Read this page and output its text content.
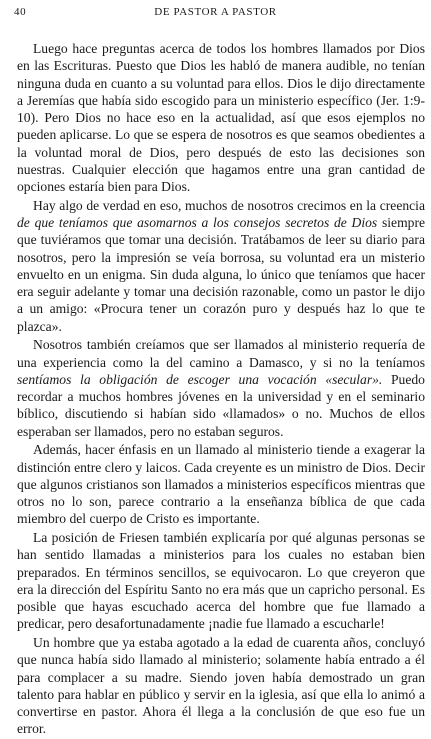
40	DE PASTOR A PASTOR

Luego hace preguntas acerca de todos los hombres llamados por Dios en las Escrituras. Puesto que Dios les habló de manera audible, no tenían ninguna duda en cuanto a su voluntad para ellos. Dios le dijo directamente a Jeremías que había sido escogido para un ministerio específico (Jer. 1:9-10). Pero Dios no hace eso en la actualidad, así que esos ejemplos no pueden aplicarse. Lo que se espera de nosotros es que seamos obedientes a la voluntad moral de Dios, pero después de esto las decisiones son nuestras. Cualquier elección que hagamos entre una gran cantidad de opciones estaría bien para Dios.

Hay algo de verdad en eso, muchos de nosotros crecimos en la creencia de que teníamos que asomarnos a los consejos secretos de Dios siempre que tuviéramos que tomar una decisión. Tratábamos de leer su diario para nosotros, pero la impresión se veía borrosa, su voluntad era un misterio envuelto en un enigma. Sin duda alguna, lo único que teníamos que hacer era seguir adelante y tomar una decisión razonable, como un pastor le dijo a un amigo: «Procura tener un corazón puro y después haz lo que te plazca».

Nosotros también creíamos que ser llamados al ministerio requería de una experiencia como la del camino a Damasco, y si no la teníamos sentíamos la obligación de escoger una vocación «secular». Puedo recordar a muchos hombres jóvenes en la universidad y en el seminario bíblico, discutiendo si habían sido «llamados» o no. Muchos de ellos esperaban ser llamados, pero no estaban seguros.

Además, hacer énfasis en un llamado al ministerio tiende a exagerar la distinción entre clero y laicos. Cada creyente es un ministro de Dios. Decir que algunos cristianos son llamados a ministerios específicos mientras que otros no lo son, parece contrario a la enseñanza bíblica de que cada miembro del cuerpo de Cristo es importante.

La posición de Friesen también explicaría por qué algunas personas se han sentido llamadas a ministerios para los cuales no estaban bien preparados. En términos sencillos, se equivocaron. Lo que creyeron que era la dirección del Espíritu Santo no era más que un capricho personal. Es posible que hayas escuchado acerca del hombre que fue llamado a predicar, pero desafortunadamente ¡nadie fue llamado a escucharle!

Un hombre que ya estaba agotado a la edad de cuarenta años, concluyó que nunca había sido llamado al ministerio; solamente había entrado a él para complacer a su madre. Siendo joven había demostrado un gran talento para hablar en público y servir en la iglesia, así que ella lo animó a convertirse en pastor. Ahora él llega a la conclusión de que eso fue un error.
